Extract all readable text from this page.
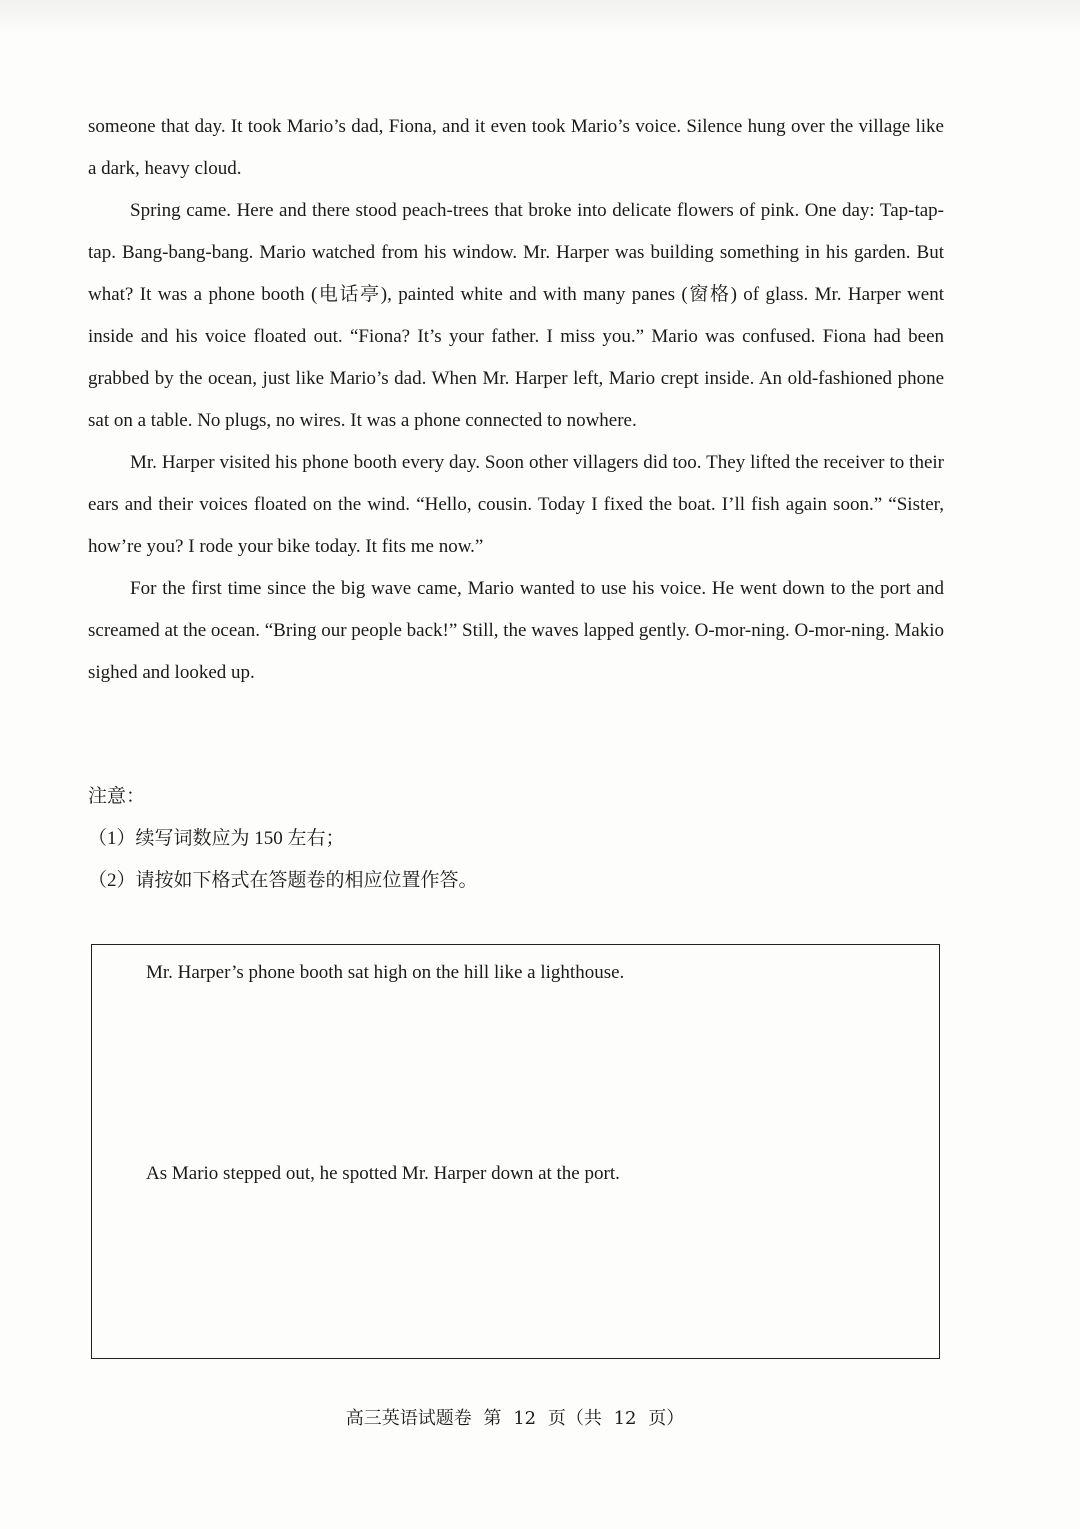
someone that day. It took Mario’s dad, Fiona, and it even took Mario’s voice. Silence hung over the village like a dark, heavy cloud.

Spring came. Here and there stood peach-trees that broke into delicate flowers of pink. One day: Tap-tap-tap. Bang-bang-bang. Mario watched from his window. Mr. Harper was building something in his garden. But what? It was a phone booth (电话亭), painted white and with many panes (窗格) of glass. Mr. Harper went inside and his voice floated out. “Fiona? It’s your father. I miss you.” Mario was confused. Fiona had been grabbed by the ocean, just like Mario’s dad. When Mr. Harper left, Mario crept inside. An old-fashioned phone sat on a table. No plugs, no wires. It was a phone connected to nowhere.

Mr. Harper visited his phone booth every day. Soon other villagers did too. They lifted the receiver to their ears and their voices floated on the wind. “Hello, cousin. Today I fixed the boat. I’ll fish again soon.” “Sister, how’re you? I rode your bike today. It fits me now.”

For the first time since the big wave came, Mario wanted to use his voice. He went down to the port and screamed at the ocean. “Bring our people back!” Still, the waves lapped gently. O-mor-ning. O-mor-ning. Makio sighed and looked up.

注意：
（1）续写词数应为 150 左右；
（2）请按如下格式在答题卷的相应位置作答。
Mr. Harper’s phone booth sat high on the hill like a lighthouse.
As Mario stepped out, he spotted Mr. Harper down at the port.
高三英语试题卷 第 12 页（共 12 页）
